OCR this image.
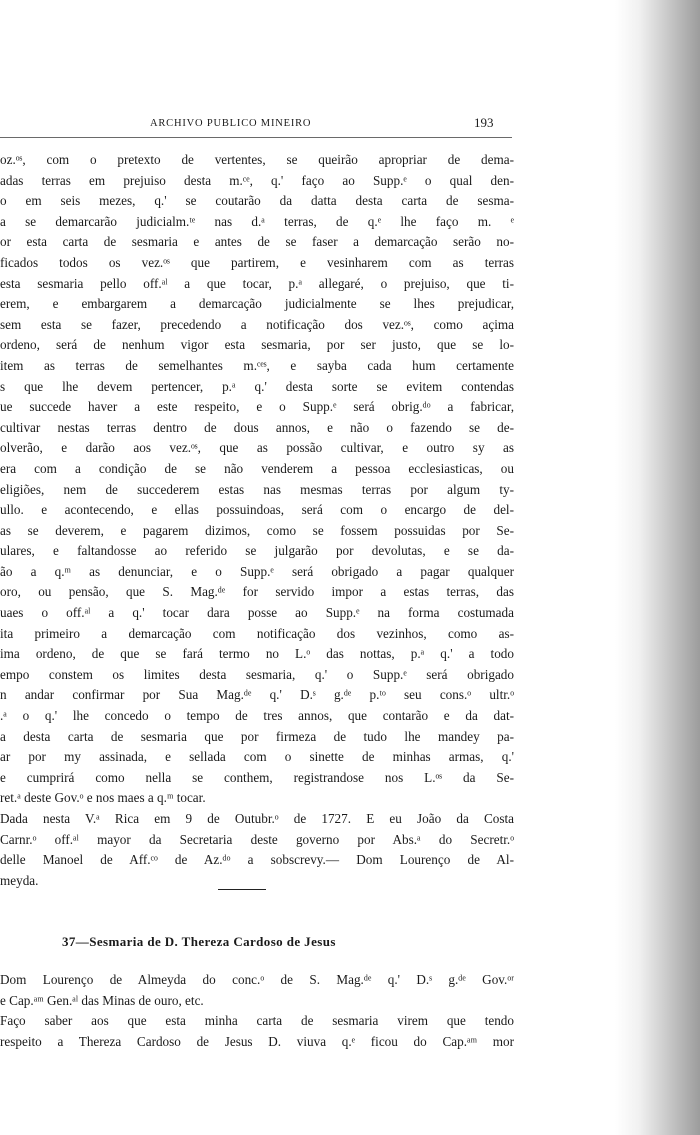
ARCHIVO PUBLICO MINEIRO	193
oz.ᵒˢ, com o pretexto de vertentes, se queirão apropriar de dema-
adas terras em prejuiso desta m.ᶜᵉ, q.' faço ao Supp.ᵉ o qual den-
o em seis mezes, q.' se coutarão da datta desta carta de sesma-
a se demarcarão judicialm.ᵗᵉ nas d.ᵃ terras, de q.ᵉ lhe faço m. ᵉ
or esta carta de sesmaria e antes de se faser a demarcação serão no-
ficados todos os vez.ᵒˢ que partirem, e vesinharem com as terras
esta sesmaria pello off.ᵃˡ a que tocar, p.ᵃ allegaré, o prejuiso, que ti-
erem, e embargarem a demarcação judicialmente se lhes prejudicar,
sem esta se fazer, precedendo a notificação dos vez.ᵒˢ, como açima
ordeno, será de nenhum vigor esta sesmaria, por ser justo, que se lo-
item as terras de semelhantes m.ᶜᵉˢ, e sayba cada hum certamente
s que lhe devem pertencer, p.ᵃ q.' desta sorte se evitem contendas
ue succede haver a este respeito, e o Supp.ᵉ será obrig.ᵈᵒ a fabricar,
cultivar nestas terras dentro de dous annos, e não o fazendo se de-
olverão, e darão aos vez.ᵒˢ, que as possão cultivar, e outro sy as
era com a condição de se não venderem a pessoa ecclesiasticas, ou
eligiões, nem de succederem estas nas mesmas terras por algum ty-
ullo. e acontecendo, e ellas possuindoas, será com o encargo de del-
as se deverem, e pagarem dizimos, como se fossem possuidas por Se-
ulares, e faltandosse ao referido se julgarão por devolutas, e se da-
ão a q.ᵐ as denunciar, e o Supp.ᵉ será obrigado a pagar qualquer
oro, ou pensão, que S. Mag.ᵈᵉ for servido impor a estas terras, das
uaes o off.ᵃˡ a q.' tocar dara posse ao Supp.ᵉ na forma costumada
ita primeiro a demarcação com notificação dos vezinhos, como as-
ima ordeno, de que se fará termo no L.ᵒ das nottas, p.ᵃ q.' a todo
empo constem os limites desta sesmaria, q.' o Supp.ᵉ será obrigado
n andar confirmar por Sua Mag.ᵈᵉ q.' D.ˢ g.ᵈᵉ p.ᵗᵒ seu cons.ᵒ ultr.ᵒ
.ᵃ o q.' lhe concedo o tempo de tres annos, que contarão e da dat-
a desta carta de sesmaria que por firmeza de tudo lhe mandey pa-
ar por my assinada, e sellada com o sinette de minhas armas, q.'
e cumprirá como nella se conthem, registrandose nos L.ᵒˢ da Se-
ret.ᵃ deste Gov.ᵒ e nos maes a q.ᵐ tocar.
Dada nesta V.ᵃ Rica em 9 de Outubr.ᵒ de 1727. E eu João da Costa
Carnr.ᵒ off.ᵃˡ mayor da Secretaria deste governo por Abs.ᵃ do Secretr.ᵒ
delle Manoel de Aff.ᶜᵒ de Az.ᵈᵒ a sobscrevy.— Dom Lourenço de Al-
meyda.
37—Sesmaria de D. Thereza Cardoso de Jesus
Dom Lourenço de Almeyda do conc.ᵒ de S. Mag.ᵈᵉ q.' D.ˢ g.ᵈᵉ Gov.ᵒʳ
e Cap.ᵃᵐ Gen.ᵃˡ das Minas de ouro, etc.
Faço saber aos que esta minha carta de sesmaria virem que tendo
respeito a Thereza Cardoso de Jesus D. viuva q.ᵉ ficou do Cap.ᵃᵐ mor
